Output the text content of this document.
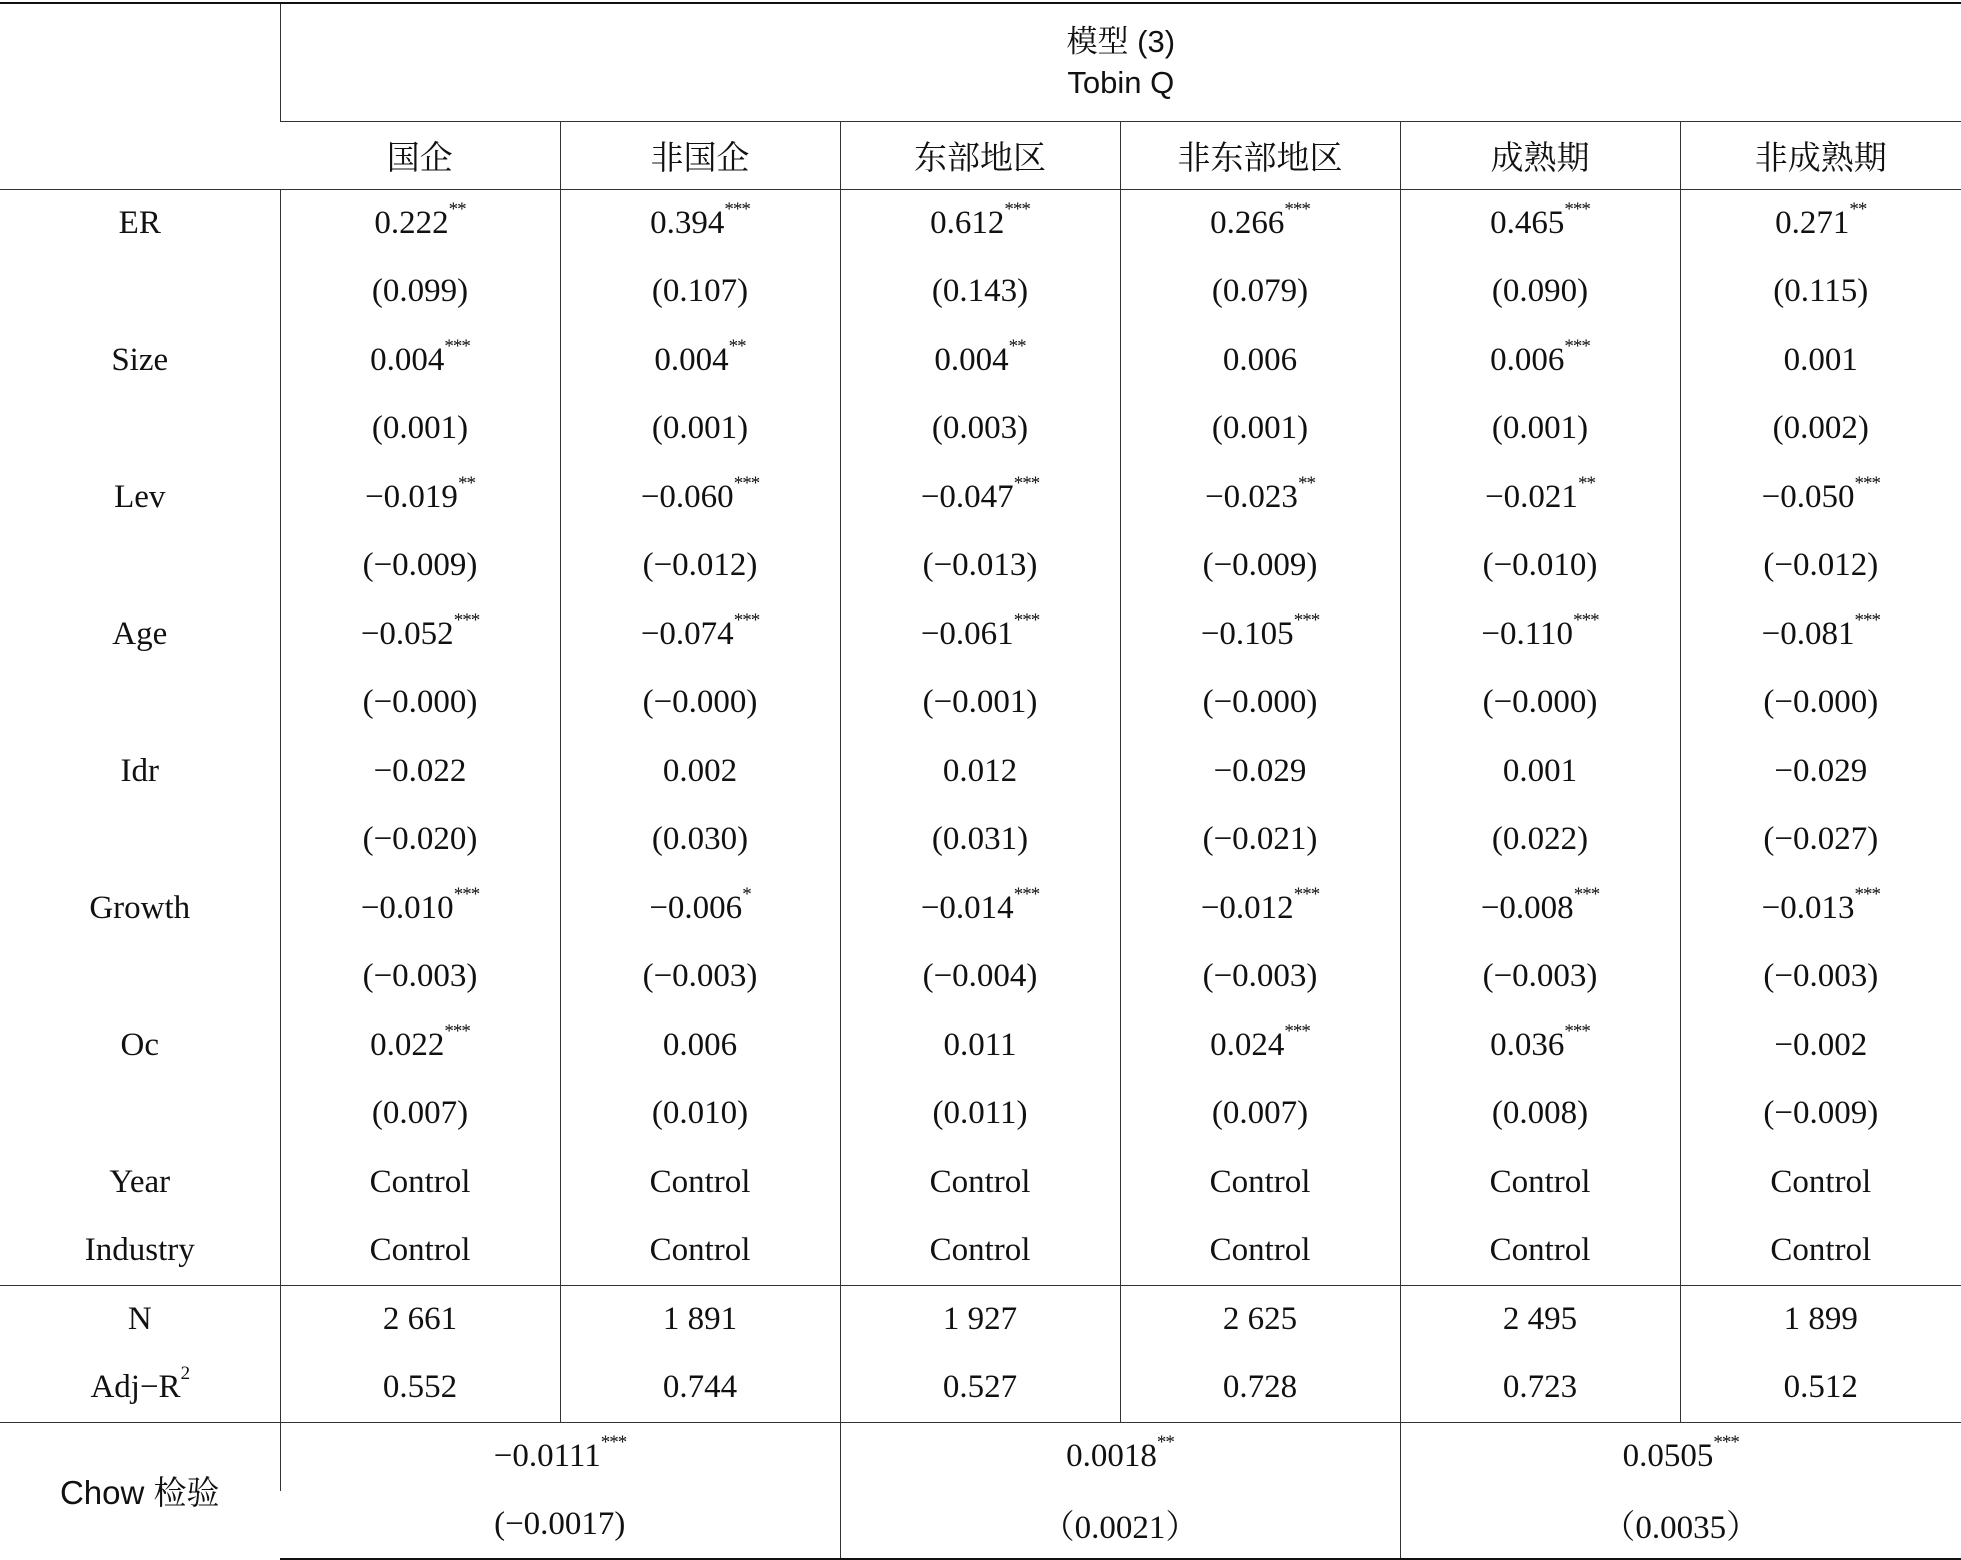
	模型 (3)
Tobin Q					

	国企	非国企	东部地区	非东部地区	成熟期	非成熟期
ER	0.222**	0.394***	0.612***	0.266***	0.465***	0.271**
	(0.099)	(0.107)	(0.143)	(0.079)	(0.090)	(0.115)
Size	0.004***	0.004**	0.004**	0.006	0.006***	0.001
	(0.001)	(0.001)	(0.003)	(0.001)	(0.001)	(0.002)
Lev	−0.019**	−0.060***	−0.047***	−0.023**	−0.021**	−0.050***
	(−0.009)	(−0.012)	(−0.013)	(−0.009)	(−0.010)	(−0.012)
Age	−0.052***	−0.074***	−0.061***	−0.105***	−0.110***	−0.081***
	(−0.000)	(−0.000)	(−0.001)	(−0.000)	(−0.000)	(−0.000)
Idr	−0.022	0.002	0.012	−0.029	0.001	−0.029
	(−0.020)	(0.030)	(0.031)	(−0.021)	(0.022)	(−0.027)
Growth	−0.010***	−0.006*	−0.014***	−0.012***	−0.008***	−0.013***
	(−0.003)	(−0.003)	(−0.004)	(−0.003)	(−0.003)	(−0.003)
Oc	0.022***	0.006	0.011	0.024***	0.036***	−0.002
	(0.007)	(0.010)	(0.011)	(0.007)	(0.008)	(−0.009)
Year	Control	Control	Control	Control	Control	Control
Industry	Control	Control	Control	Control	Control	Control
N	2 661	1 891	1 927	2 625	2 495	1 899
$Adj-R^2$	0.552	0.744	0.527	0.728	0.723	0.512
Chow 检验	−0.0111***		0.0018**		0.0505***
	(−0.0017)		（0.0021）		（0.0035）	
